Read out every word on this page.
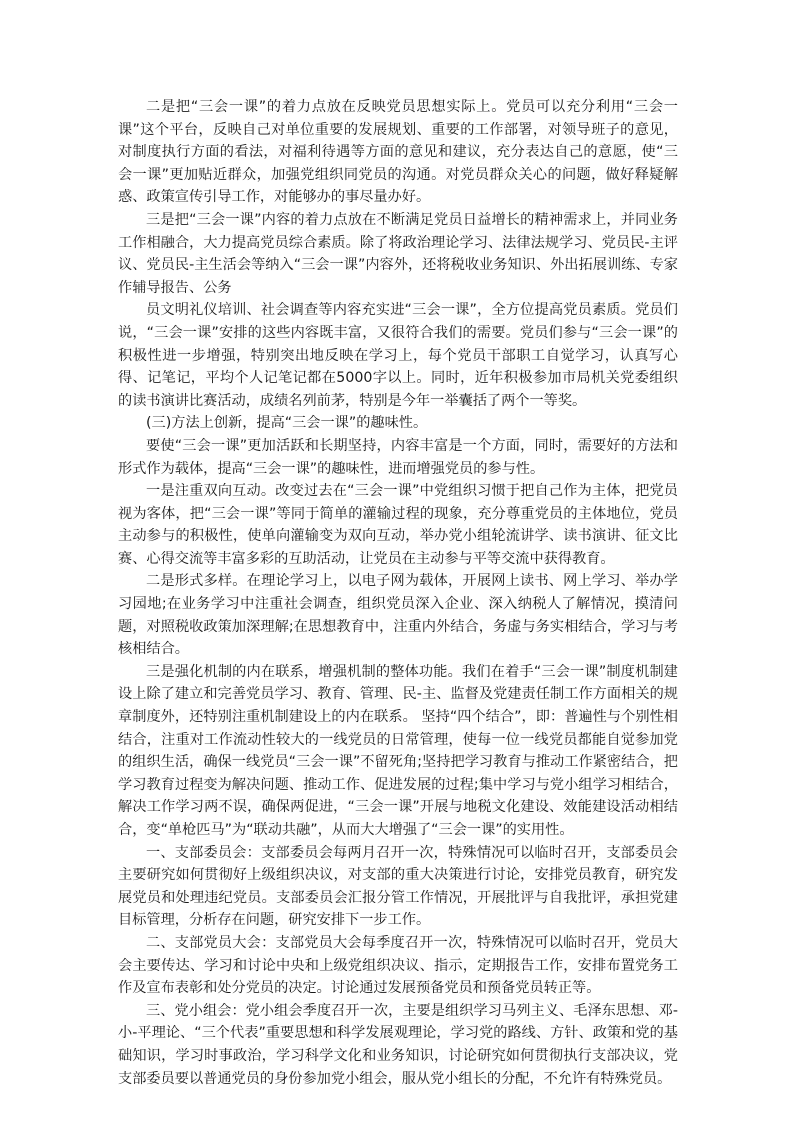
二是把“三会一课”的着力点放在反映党员思想实际上。党员可以充分利用“三会一课”这个平台，反映自己对单位重要的发展规划、重要的工作部署，对领导班子的意见，对制度执行方面的看法，对福利待遇等方面的意见和建议，充分表达自己的意愿，使“三会一课”更加贴近群众，加强党组织同党员的沟通。对党员群众关心的问题，做好释疑解惑、政策宣传引导工作，对能够办的事尽量办好。

三是把“三会一课”内容的着力点放在不断满足党员日益增长的精神需求上，并同业务工作相融合，大力提高党员综合素质。除了将政治理论学习、法律法规学习、党员民-主评议、党员民-主生活会等纳入“三会一课”内容外，还将税收业务知识、外出拓展训练、专家作辅导报告、公务

员文明礼仪培训、社会调查等内容充实进“三会一课”，全方位提高党员素质。党员们说，“三会一课”安排的这些内容既丰富，又很符合我们的需要。党员们参与“三会一课”的积极性进一步增强，特别突出地反映在学习上，每个党员干部职工自觉学习，认真写心得、记笔记，平均个人记笔记都在5000字以上。同时，近年积极参加市局机关党委组织的读书演讲比赛活动，成绩名列前茅，特别是今年一举囊括了两个一等奖。

(三)方法上创新，提高“三会一课”的趣味性。

要使“三会一课”更加活跃和长期坚持，内容丰富是一个方面，同时，需要好的方法和形式作为载体，提高“三会一课”的趣味性，进而增强党员的参与性。

一是注重双向互动。改变过去在“三会一课”中党组织习惯于把自己作为主体，把党员视为客体，把“三会一课”等同于简单的灌输过程的现象，充分尊重党员的主体地位，党员主动参与的积极性，使单向灌输变为双向互动，举办党小组轮流讲学、读书演讲、征文比赛、心得交流等丰富多彩的互助活动，让党员在主动参与平等交流中获得教育。

二是形式多样。在理论学习上，以电子网为载体，开展网上读书、网上学习、举办学习园地;在业务学习中注重社会调查，组织党员深入企业、深入纳税人了解情况，摸清问题，对照税收政策加深理解;在思想教育中，注重内外结合，务虚与务实相结合，学习与考核相结合。

三是强化机制的内在联系，增强机制的整体功能。我们在着手“三会一课”制度机制建设上除了建立和完善党员学习、教育、管理、民-主、监督及党建责任制工作方面相关的规章制度外，还特别注重机制建设上的内在联系。 坚持“四个结合”，即：普遍性与个别性相结合，注重对工作流动性较大的一线党员的日常管理，使每一位一线党员都能自觉参加党的组织生活，确保一线党员“三会一课”不留死角;坚持把学习教育与推动工作紧密结合，把学习教育过程变为解决问题、推动工作、促进发展的过程;集中学习与党小组学习相结合，解决工作学习两不误，确保两促进，“三会一课”开展与地税文化建设、效能建设活动相结合，变“单枪匹马”为“联动共融”，从而大大增强了“三会一课”的实用性。

一、支部委员会：支部委员会每两月召开一次，特殊情况可以临时召开，支部委员会主要研究如何贯彻好上级组织决议，对支部的重大决策进行讨论，安排党员教育，研究发展党员和处理违纪党员。支部委员会汇报分管工作情况，开展批评与自我批评，承担党建目标管理，分析存在问题，研究安排下一步工作。

二、支部党员大会：支部党员大会每季度召开一次，特殊情况可以临时召开，党员大会主要传达、学习和讨论中央和上级党组织决议、指示，定期报告工作，安排布置党务工作及宣布表彰和处分党员的决定。讨论通过发展预备党员和预备党员转正等。

三、党小组会：党小组会季度召开一次，主要是组织学习马列主义、毛泽东思想、邓-小-平理论、“三个代表”重要思想和科学发展观理论，学习党的路线、方针、政策和党的基础知识，学习时事政治，学习科学文化和业务知识，讨论研究如何贯彻执行支部决议，党支部委员要以普通党员的身份参加党小组会，服从党小组长的分配，不允许有特殊党员。
